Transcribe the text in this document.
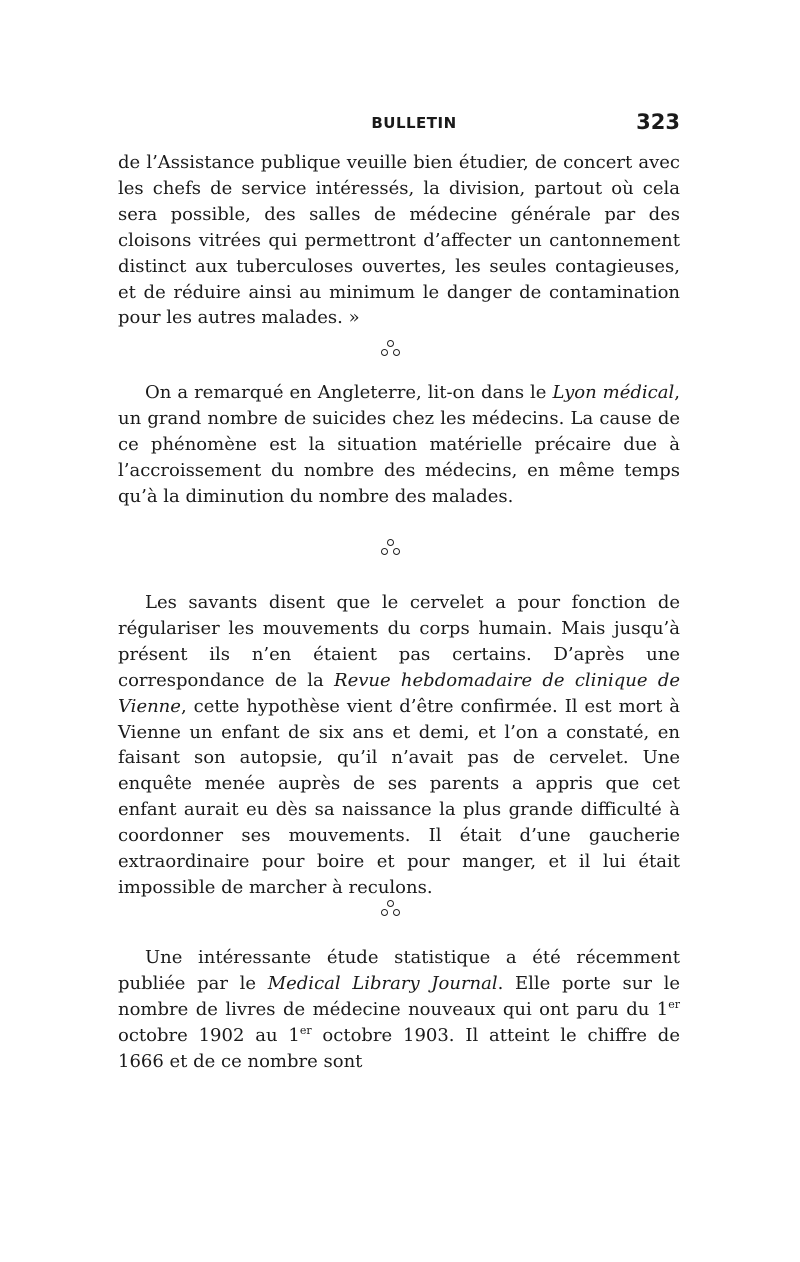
BULLETIN	323

de l’Assistance publique veuille bien étudier, de concert avec les chefs de service intéressés, la division, partout où cela sera possible, des salles de médecine générale par des cloisons vitrées qui permettront d’affecter un cantonnement distinct aux tuberculoses ouvertes, les seules contagieuses, et de réduire ainsi au minimum le danger de contamination pour les autres malades. »

On a remarqué en Angleterre, lit-on dans le Lyon médical, un grand nombre de suicides chez les médecins. La cause de ce phénomène est la situation matérielle précaire due à l’accroissement du nombre des médecins, en même temps qu’à la diminution du nombre des malades.

Les savants disent que le cervelet a pour fonction de régulariser les mouvements du corps humain. Mais jusqu’à présent ils n’en étaient pas certains. D’après une correspondance de la Revue hebdomadaire de clinique de Vienne, cette hypothèse vient d’être confirmée. Il est mort à Vienne un enfant de six ans et demi, et l’on a constaté, en faisant son autopsie, qu’il n’avait pas de cervelet. Une enquête menée auprès de ses parents a appris que cet enfant aurait eu dès sa naissance la plus grande difficulté à coordonner ses mouvements. Il était d’une gaucherie extraordinaire pour boire et pour manger, et il lui était impossible de marcher à reculons.

Une intéressante étude statistique a été récemment publiée par le Medical Library Journal. Elle porte sur le nombre de livres de médecine nouveaux qui ont paru du 1er octobre 1902 au 1er octobre 1903. Il atteint le chiffre de 1666 et de ce nombre sont
